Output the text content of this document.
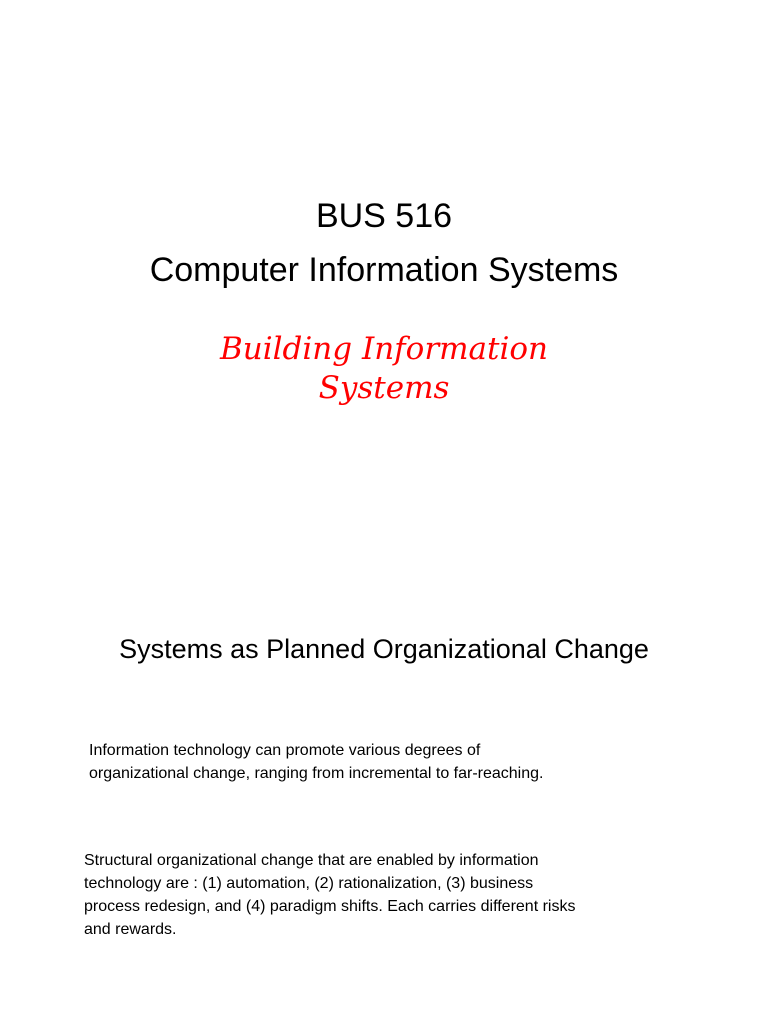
BUS 516
Computer Information Systems
Building Information
Systems
Systems as Planned Organizational Change
Information technology can promote various degrees of
organizational change, ranging from incremental to far-reaching.
Structural organizational change that are enabled by information
technology are : (1) automation, (2) rationalization, (3) business
process redesign, and (4) paradigm shifts. Each carries different risks
and rewards.
